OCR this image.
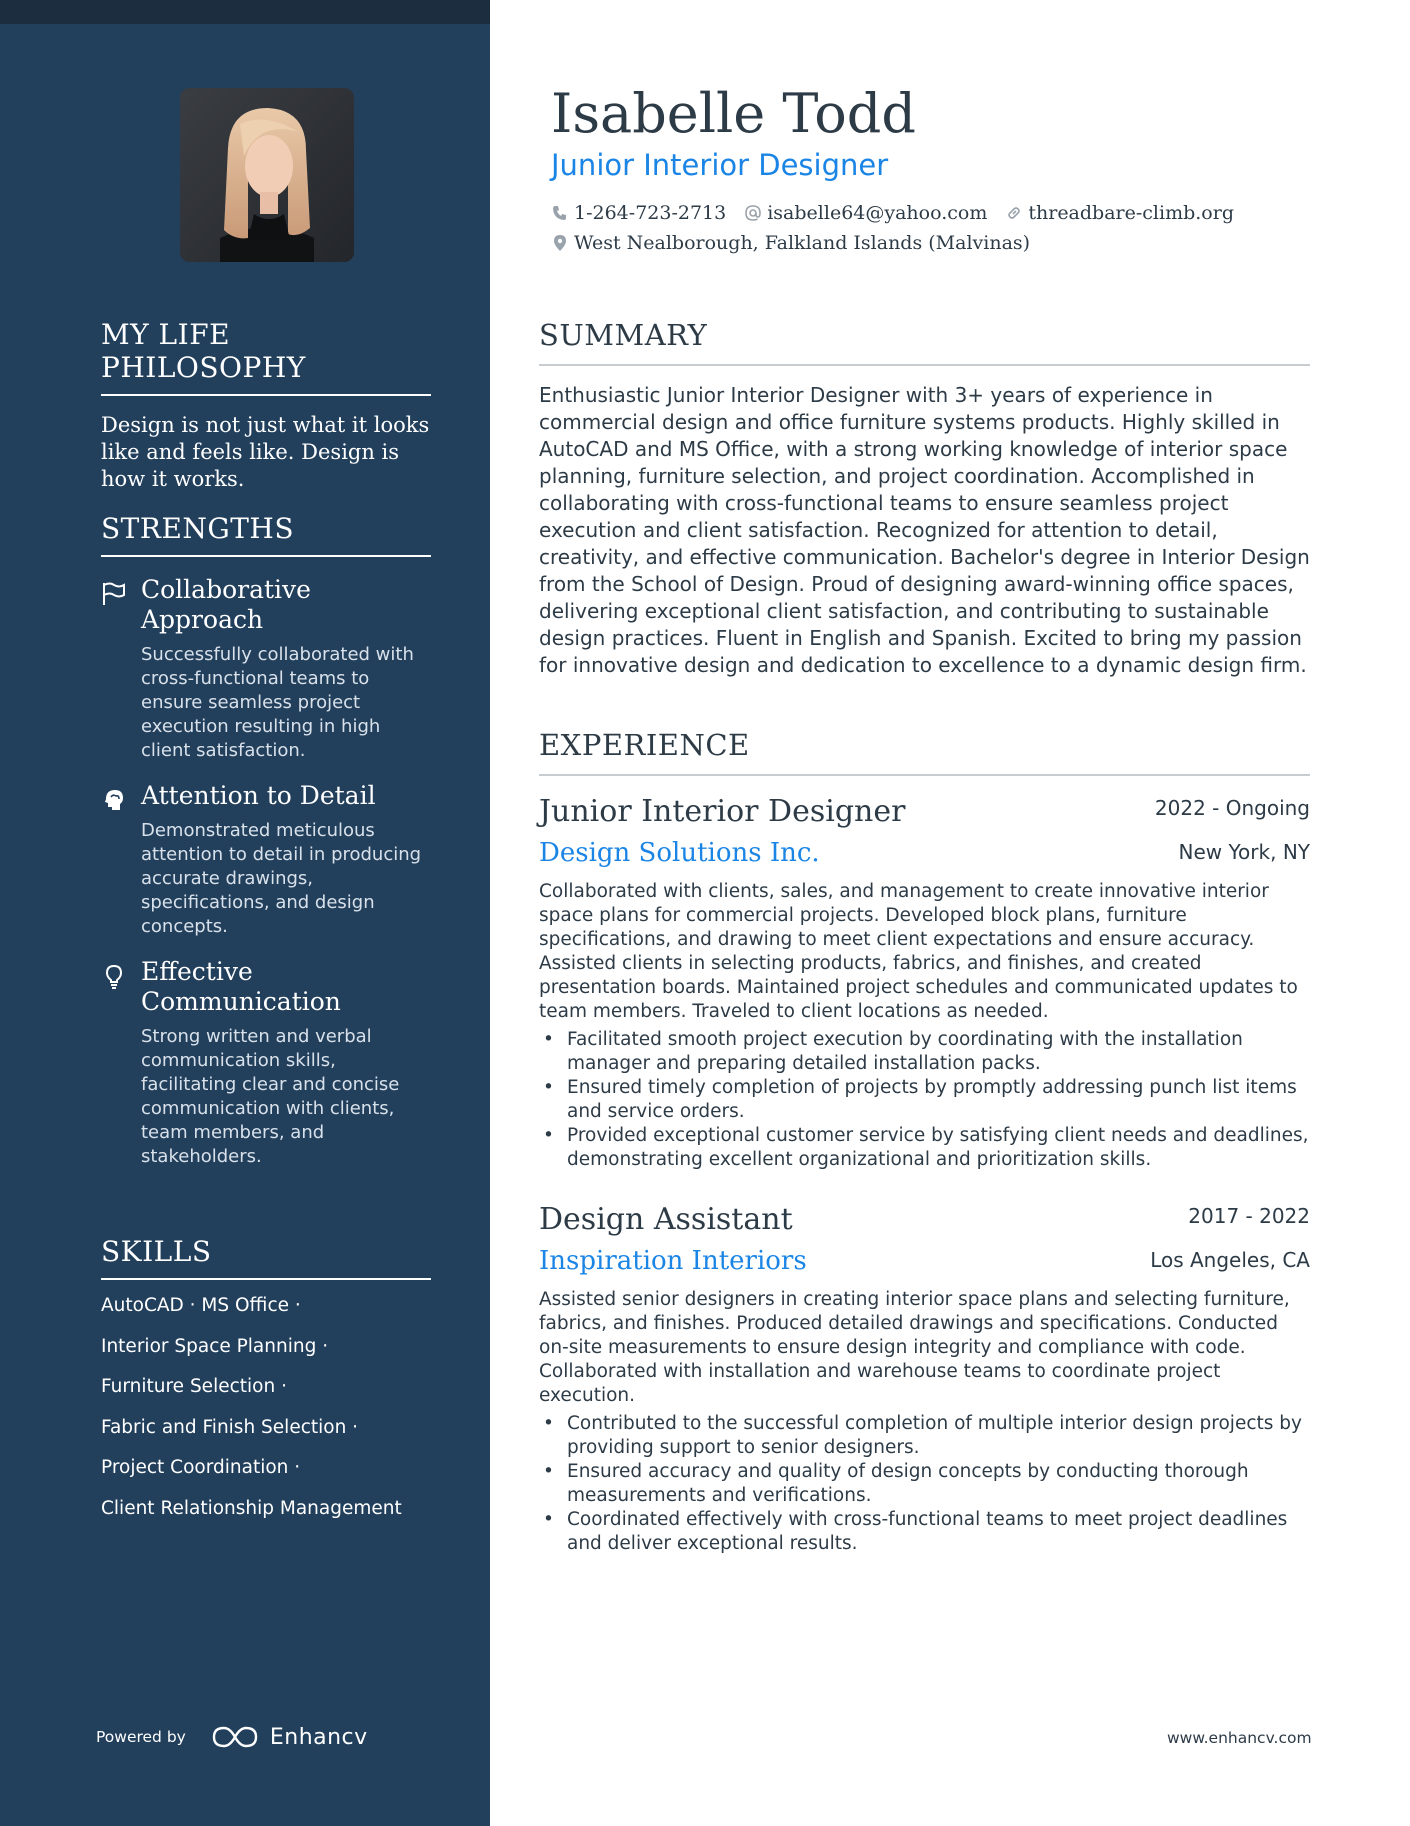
MY LIFE PHILOSOPHY
Design is not just what it looks like and feels like. Design is how it works.
STRENGTHS
Collaborative Approach
Successfully collaborated with cross-functional teams to ensure seamless project execution resulting in high client satisfaction.
Attention to Detail
Demonstrated meticulous attention to detail in producing accurate drawings, specifications, and design concepts.
Effective Communication
Strong written and verbal communication skills, facilitating clear and concise communication with clients, team members, and stakeholders.
SKILLS
AutoCAD · MS Office ·
Interior Space Planning ·
Furniture Selection ·
Fabric and Finish Selection ·
Project Coordination ·
Client Relationship Management
Powered by	Enhancv
Isabelle Todd
Junior Interior Designer
1-264-723-2713 isabelle64@yahoo.com threadbare-climb.org
West Nealborough, Falkland Islands (Malvinas)
SUMMARY
Enthusiastic Junior Interior Designer with 3+ years of experience in commercial design and office furniture systems products. Highly skilled in AutoCAD and MS Office, with a strong working knowledge of interior space planning, furniture selection, and project coordination. Accomplished in collaborating with cross-functional teams to ensure seamless project execution and client satisfaction. Recognized for attention to detail, creativity, and effective communication. Bachelor's degree in Interior Design from the School of Design. Proud of designing award-winning office spaces, delivering exceptional client satisfaction, and contributing to sustainable design practices. Fluent in English and Spanish. Excited to bring my passion for innovative design and dedication to excellence to a dynamic design firm.
EXPERIENCE
Junior Interior Designer	2022 - Ongoing
Design Solutions Inc.	New York, NY
Collaborated with clients, sales, and management to create innovative interior space plans for commercial projects. Developed block plans, furniture specifications, and drawing to meet client expectations and ensure accuracy. Assisted clients in selecting products, fabrics, and finishes, and created presentation boards. Maintained project schedules and communicated updates to team members. Traveled to client locations as needed.
• Facilitated smooth project execution by coordinating with the installation manager and preparing detailed installation packs.
• Ensured timely completion of projects by promptly addressing punch list items and service orders.
• Provided exceptional customer service by satisfying client needs and deadlines, demonstrating excellent organizational and prioritization skills.
Design Assistant	2017 - 2022
Inspiration Interiors	Los Angeles, CA
Assisted senior designers in creating interior space plans and selecting furniture, fabrics, and finishes. Produced detailed drawings and specifications. Conducted on-site measurements to ensure design integrity and compliance with code. Collaborated with installation and warehouse teams to coordinate project execution.
• Contributed to the successful completion of multiple interior design projects by providing support to senior designers.
• Ensured accuracy and quality of design concepts by conducting thorough measurements and verifications.
• Coordinated effectively with cross-functional teams to meet project deadlines and deliver exceptional results.
www.enhancv.com
